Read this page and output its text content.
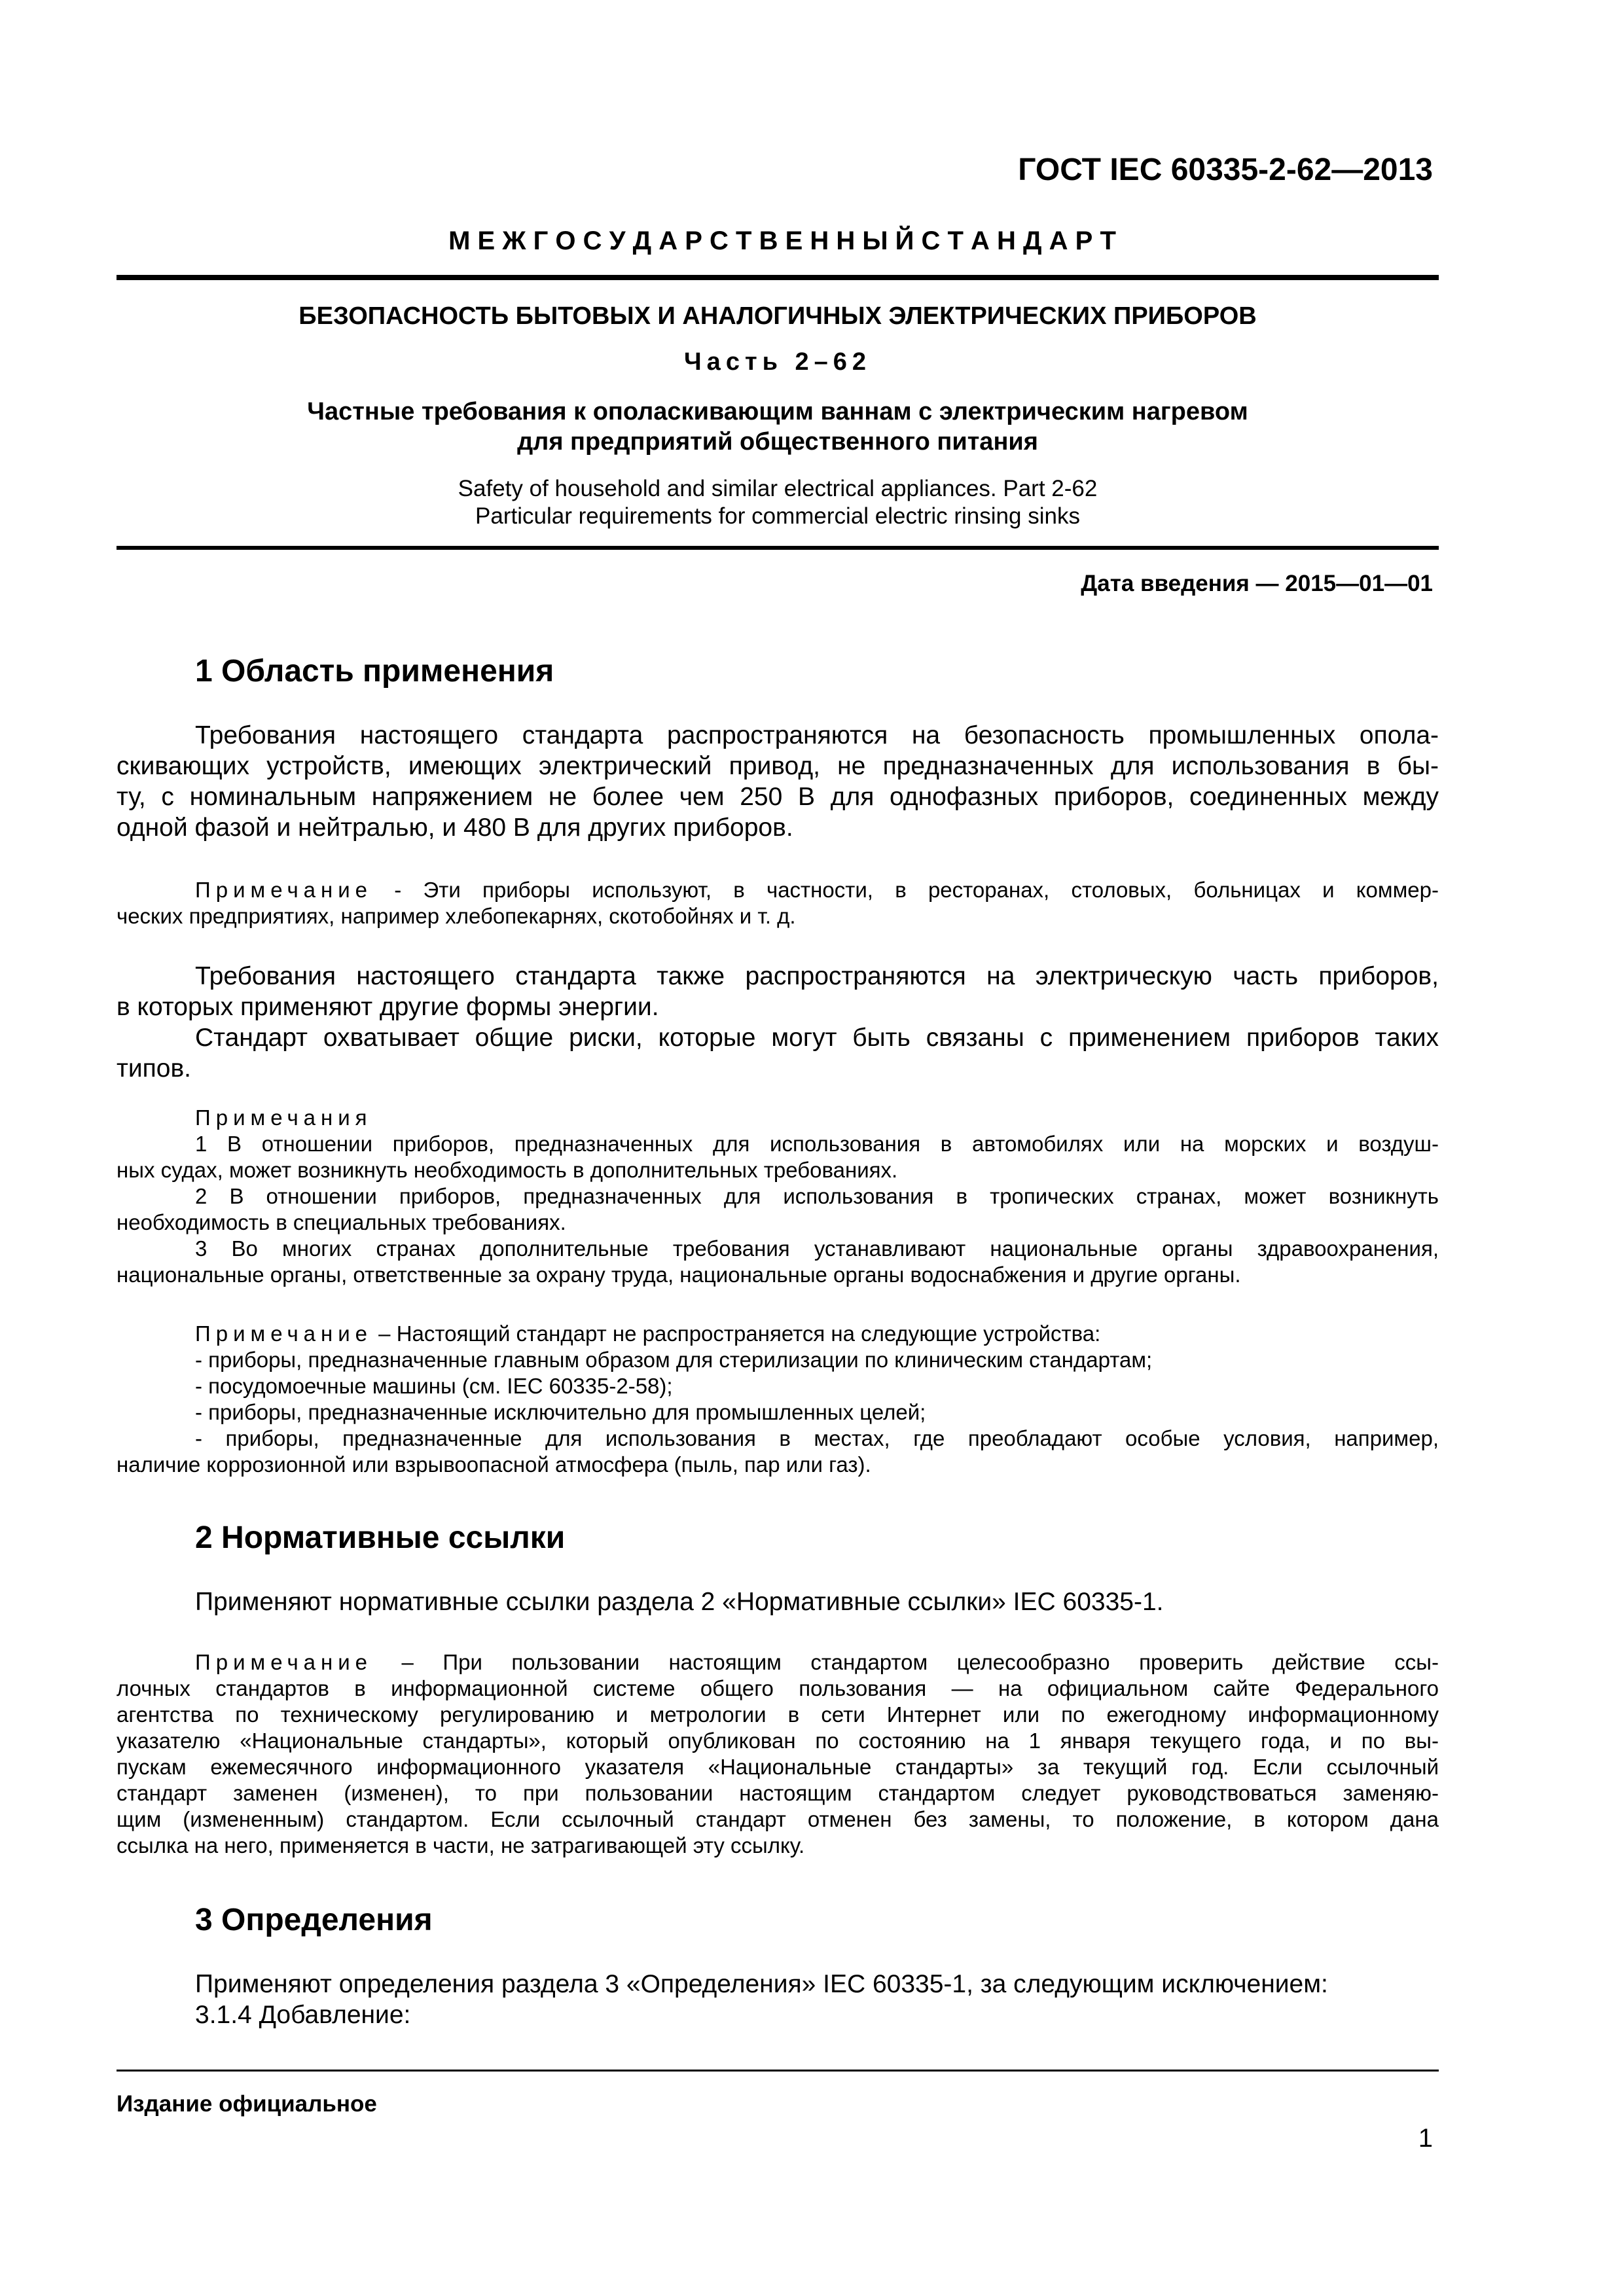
ГОСТ IEC 60335-2-62—2013
М Е Ж Г О С У Д А Р С Т В Е Н Н Ы Й С Т А Н Д А Р Т
БЕЗОПАСНОСТЬ БЫТОВЫХ И АНАЛОГИЧНЫХ ЭЛЕКТРИЧЕСКИХ ПРИБОРОВ
Часть 2–62
Частные требования к ополаскивающим ваннам с электрическим нагревом
для предприятий общественного питания
Safety of household and similar electrical appliances. Part 2-62
Particular requirements for commercial electric rinsing sinks
Дата введения — 2015—01—01
1 Область применения
Требования настоящего стандарта распространяются на безопасность промышленных опола-
скивающих устройств, имеющих электрический привод, не предназначенных для использования в бы-
ту, с номинальным напряжением не более чем 250 В для однофазных приборов, соединенных между
одной фазой и нейтралью, и 480 В для других приборов.
Примечание - Эти приборы используют, в частности, в ресторанах, столовых, больницах и коммер-
ческих предприятиях, например хлебопекарнях, скотобойнях и т. д.
Требования настоящего стандарта также распространяются на электрическую часть приборов,
в которых применяют другие формы энергии.
Стандарт охватывает общие риски, которые могут быть связаны с применением приборов таких
типов.
Примечания
1 В отношении приборов, предназначенных для использования в автомобилях или на морских и воздуш-
ных судах, может возникнуть необходимость в дополнительных требованиях.
2 В отношении приборов, предназначенных для использования в тропических странах, может возникнуть
необходимость в специальных требованиях.
3 Во многих странах дополнительные требования устанавливают национальные органы здравоохранения,
национальные органы, ответственные за охрану труда, национальные органы водоснабжения и другие органы.
Примечание – Настоящий стандарт не распространяется на следующие устройства:
- приборы, предназначенные главным образом для стерилизации по клиническим стандартам;
- посудомоечные машины (см. IEC 60335-2-58);
- приборы, предназначенные исключительно для промышленных целей;
- приборы, предназначенные для использования в местах, где преобладают особые условия, например,
наличие коррозионной или взрывоопасной атмосфера (пыль, пар или газ).
2 Нормативные ссылки
Применяют нормативные ссылки раздела 2 «Нормативные ссылки» IEC 60335-1.
Примечание – При пользовании настоящим стандартом целесообразно проверить действие ссы-
лочных стандартов в информационной системе общего пользования — на официальном сайте Федерального
агентства по техническому регулированию и метрологии в сети Интернет или по ежегодному информационному
указателю «Национальные стандарты», который опубликован по состоянию на 1 января текущего года, и по вы-
пускам ежемесячного информационного указателя «Национальные стандарты» за текущий год. Если ссылочный
стандарт заменен (изменен), то при пользовании настоящим стандартом следует руководствоваться заменяю-
щим (измененным) стандартом. Если ссылочный стандарт отменен без замены, то положение, в котором дана
ссылка на него, применяется в части, не затрагивающей эту ссылку.
3 Определения
Применяют определения раздела 3 «Определения» IEC 60335-1, за следующим исключением:
3.1.4 Добавление:
Издание официальное
1
